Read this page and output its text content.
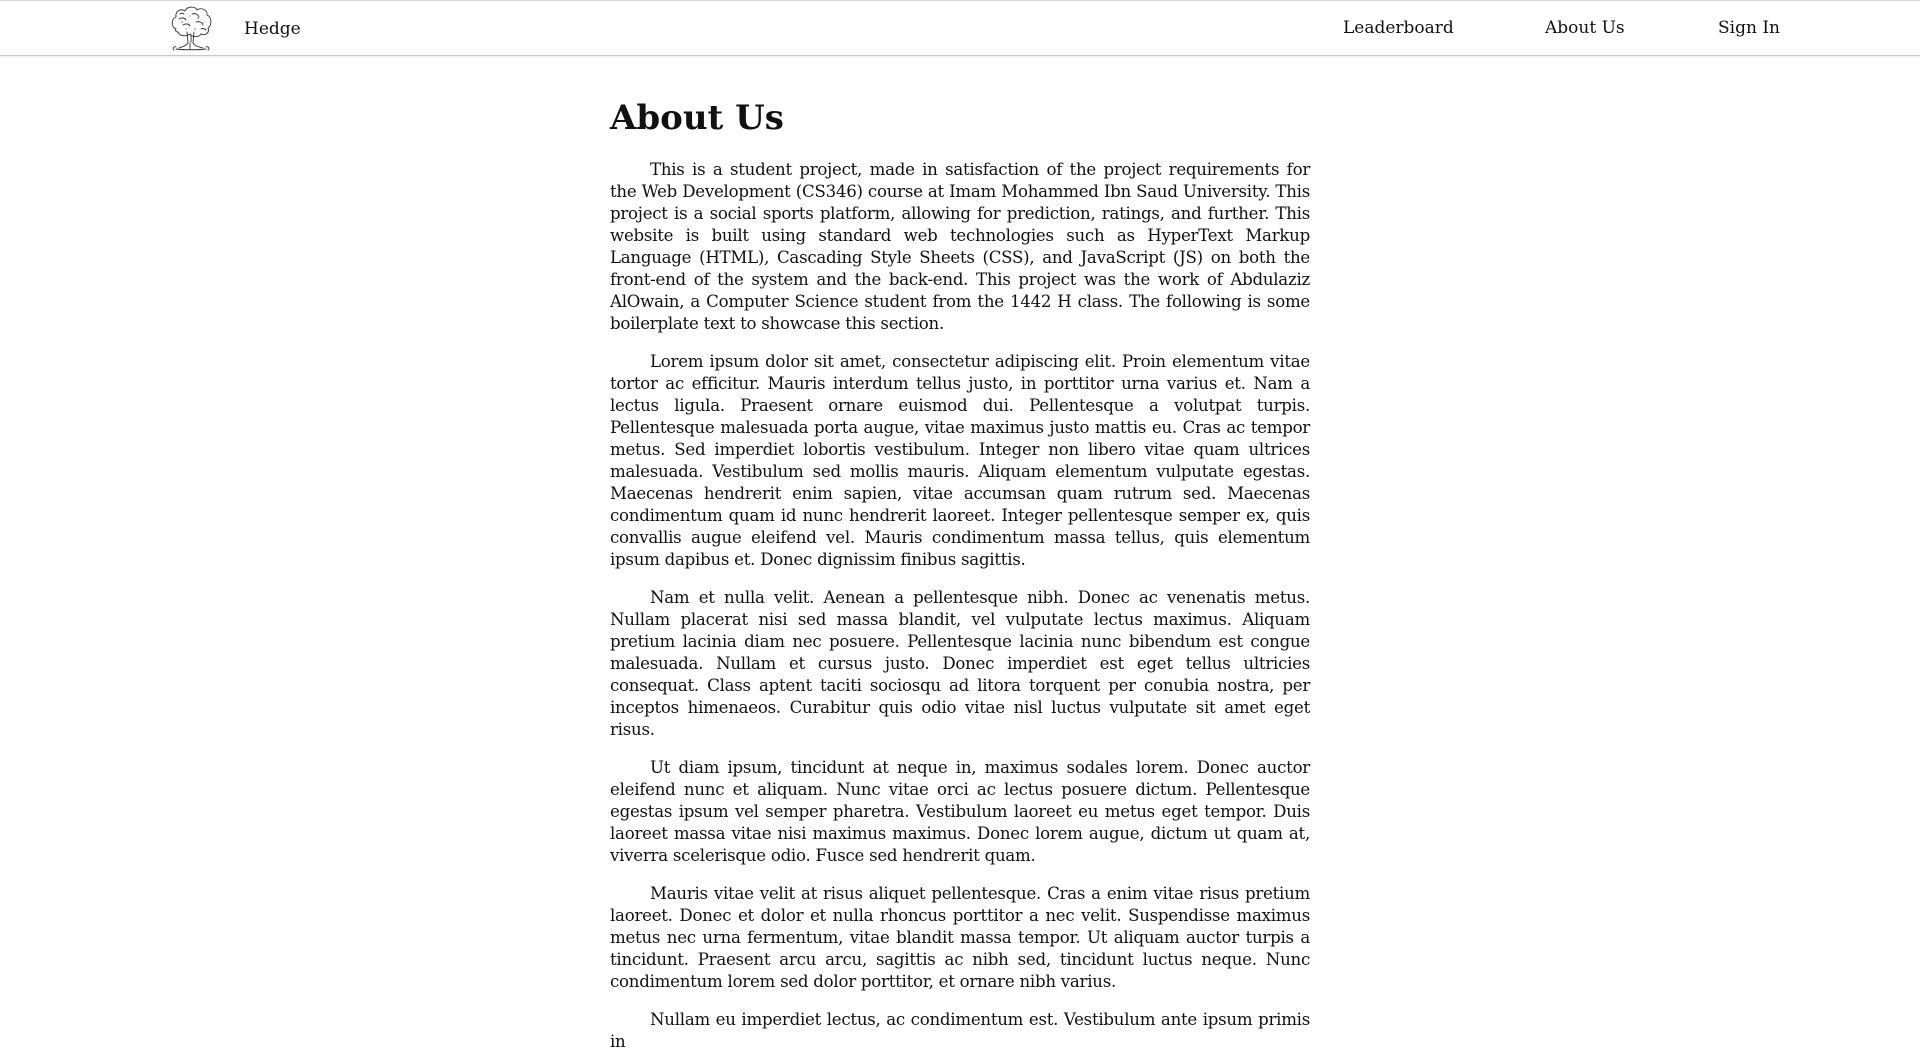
Hedge	Leaderboard	About Us	Sign In
About Us

This is a student project, made in satisfaction of the project requirements for the Web Development (CS346) course at Imam Mohammed Ibn Saud University. This project is a social sports platform, allowing for prediction, ratings, and further. This website is built using standard web technologies such as HyperText Markup Language (HTML), Cascading Style Sheets (CSS), and JavaScript (JS) on both the front-end of the system and the back-end. This project was the work of Abdulaziz AlOwain, a Computer Science student from the 1442 H class. The following is some boilerplate text to showcase this section.

Lorem ipsum dolor sit amet, consectetur adipiscing elit. Proin elementum vitae tortor ac efficitur. Mauris interdum tellus justo, in porttitor urna varius et. Nam a lectus ligula. Praesent ornare euismod dui. Pellentesque a volutpat turpis. Pellentesque malesuada porta augue, vitae maximus justo mattis eu. Cras ac tempor metus. Sed imperdiet lobortis vestibulum. Integer non libero vitae quam ultrices malesuada. Vestibulum sed mollis mauris. Aliquam elementum vulputate egestas. Maecenas hendrerit enim sapien, vitae accumsan quam rutrum sed. Maecenas condimentum quam id nunc hendrerit laoreet. Integer pellentesque semper ex, quis convallis augue eleifend vel. Mauris condimentum massa tellus, quis elementum ipsum dapibus et. Donec dignissim finibus sagittis.

Nam et nulla velit. Aenean a pellentesque nibh. Donec ac venenatis metus. Nullam placerat nisi sed massa blandit, vel vulputate lectus maximus. Aliquam pretium lacinia diam nec posuere. Pellentesque lacinia nunc bibendum est congue malesuada. Nullam et cursus justo. Donec imperdiet est eget tellus ultricies consequat. Class aptent taciti sociosqu ad litora torquent per conubia nostra, per inceptos himenaeos. Curabitur quis odio vitae nisl luctus vulputate sit amet eget risus.

Ut diam ipsum, tincidunt at neque in, maximus sodales lorem. Donec auctor eleifend nunc et aliquam. Nunc vitae orci ac lectus posuere dictum. Pellentesque egestas ipsum vel semper pharetra. Vestibulum laoreet eu metus eget tempor. Duis laoreet massa vitae nisi maximus maximus. Donec lorem augue, dictum ut quam at, viverra scelerisque odio. Fusce sed hendrerit quam.

Mauris vitae velit at risus aliquet pellentesque. Cras a enim vitae risus pretium laoreet. Donec et dolor et nulla rhoncus porttitor a nec velit. Suspendisse maximus metus nec urna fermentum, vitae blandit massa tempor. Ut aliquam auctor turpis a tincidunt. Praesent arcu arcu, sagittis ac nibh sed, tincidunt luctus neque. Nunc condimentum lorem sed dolor porttitor, et ornare nibh varius.

Nullam eu imperdiet lectus, ac condimentum est. Vestibulum ante ipsum primis in
